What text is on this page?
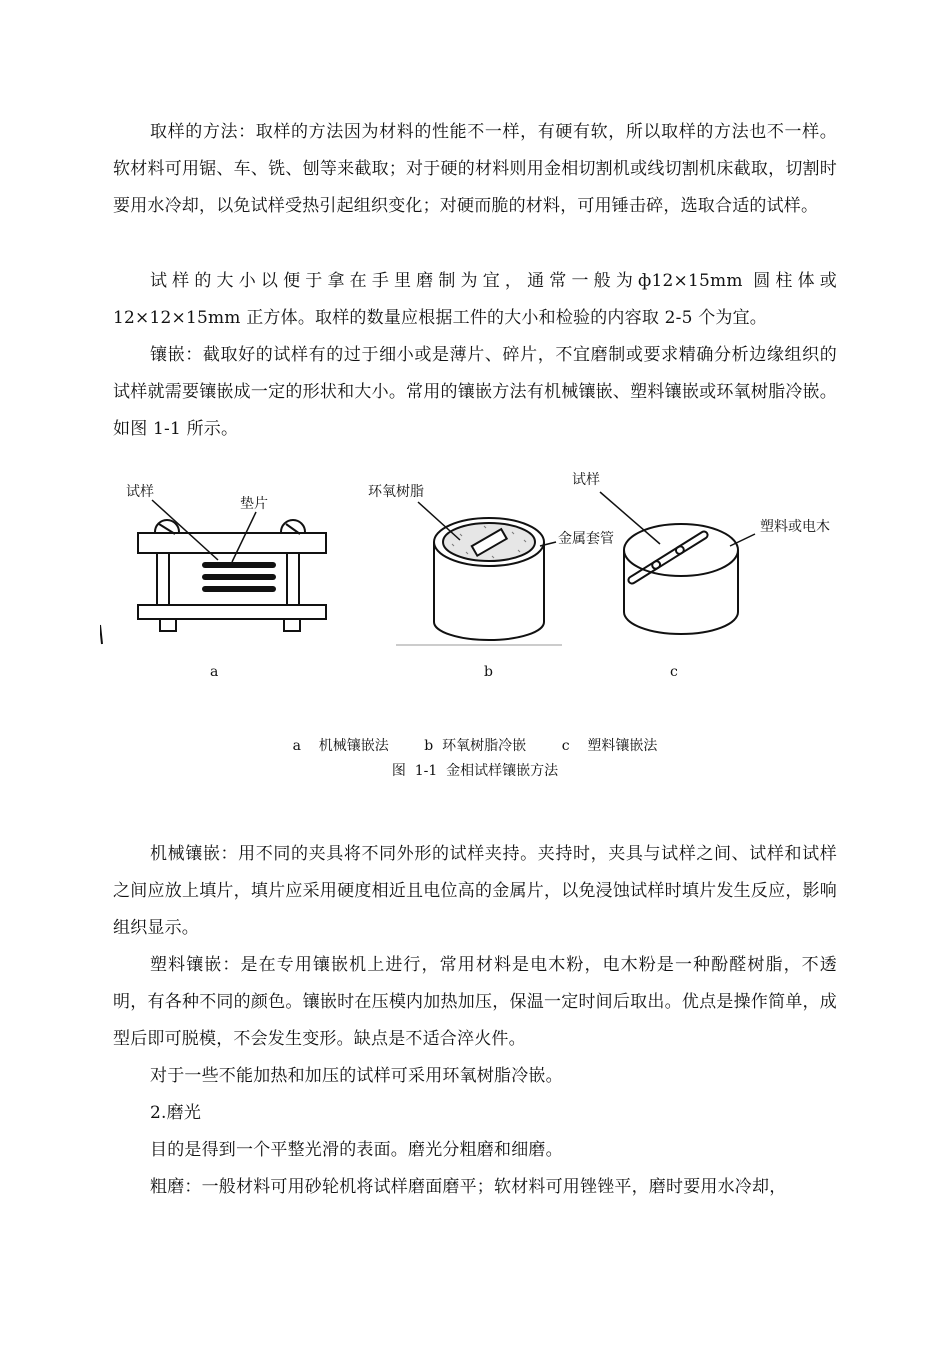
取样的方法：取样的方法因为材料的性能不一样，有硬有软，所以取样的方法也不一样。软材料可用锯、车、铣、刨等来截取；对于硬的材料则用金相切割机或线切割机床截取，切割时要用水冷却，以免试样受热引起组织变化；对硬而脆的材料，可用锤击碎，选取合适的试样。

试样的大小以便于拿在手里磨制为宜，通常一般为ф12×15mm 圆柱体或 12×12×15mm 正方体。取样的数量应根据工件的大小和检验的内容取 2-5 个为宜。

镶嵌：截取好的试样有的过于细小或是薄片、碎片，不宜磨制或要求精确分析边缘组织的试样就需要镶嵌成一定的形状和大小。常用的镶嵌方法有机械镶嵌、塑料镶嵌或环氧树脂冷嵌。如图 1-1 所示。

试样
垫片
环氧树脂
金属套管
试样
塑料或电木
a	b	c
a    机械镶嵌法        b  环氧树脂冷嵌        c    塑料镶嵌法
图  1-1  金相试样镶嵌方法

机械镶嵌：用不同的夹具将不同外形的试样夹持。夹持时，夹具与试样之间、试样和试样之间应放上填片，填片应采用硬度相近且电位高的金属片，以免浸蚀试样时填片发生反应，影响组织显示。

塑料镶嵌：是在专用镶嵌机上进行，常用材料是电木粉，电木粉是一种酚醛树脂，不透明，有各种不同的颜色。镶嵌时在压模内加热加压，保温一定时间后取出。优点是操作简单，成型后即可脱模，不会发生变形。缺点是不适合淬火件。

对于一些不能加热和加压的试样可采用环氧树脂冷嵌。

2.磨光

目的是得到一个平整光滑的表面。磨光分粗磨和细磨。

粗磨：一般材料可用砂轮机将试样磨面磨平；软材料可用锉锉平，磨时要用水冷却，
